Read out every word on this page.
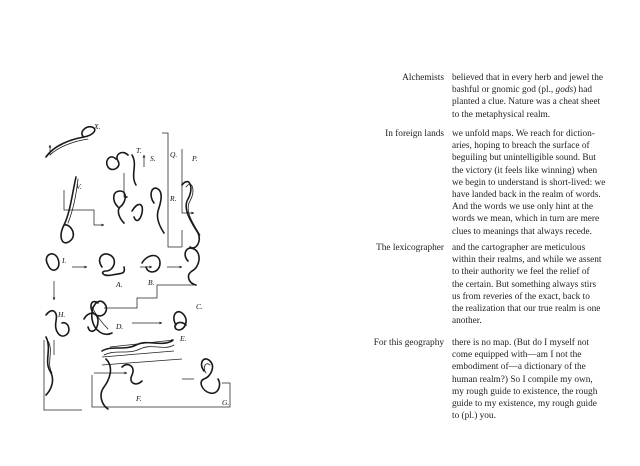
X.
V.
T.
S. Q.
R.
P.
I.
A.	B.
C.
H.
D.
E.
F.	G.
Alchemists believed that in every herb and jewel the

bashful or gnomic god (pl., gods) had

planted a clue. Nature was a cheat sheet

to the metaphysical realm.

In foreign lands we unfold maps. We reach for diction-

aries, hoping to breach the surface of

beguiling but unintelligible sound. But

the victory (it feels like winning) when

we begin to understand is short-lived: we

have landed back in the realm of words.

And the words we use only hint at the

words we mean, which in turn are mere

clues to meanings that always recede.

The lexicographer and the cartographer are meticulous

within their realms, and while we assent

to their authority we feel the relief of

the certain. But something always stirs

us from reveries of the exact, back to

the realization that our true realm is one

another.

For this geography there is no map. (But do I myself not

come equipped with—am I not the

embodiment of—a dictionary of the

human realm?) So I compile my own,

my rough guide to existence, the rough

guide to my existence, my rough guide

to (pl.) you.
